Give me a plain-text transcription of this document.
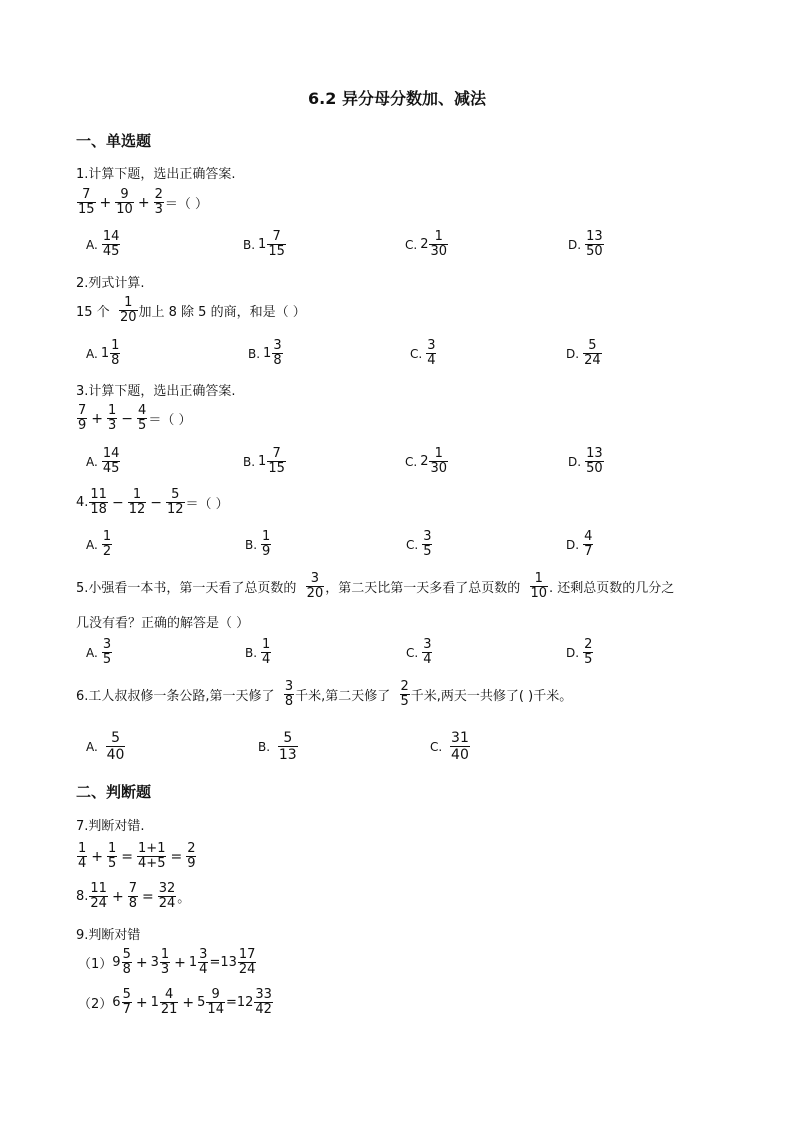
6.2 异分母分数加、减法
一、单选题
1.计算下题，选出正确答案.
$\frac{7}{15} + \frac{9}{10} + \frac{2}{3}$ ＝（ ）
A. $\frac{14}{45}$	B. $1 \frac{7}{15}$	C. $2 \frac{1}{30}$	D. $\frac{13}{50}$
2.列式计算.
15 个 $\frac{1}{20}$ 加上 8 除 5 的商，和是（ ）
A. $1 \frac{1}{8}$	B. $1 \frac{3}{8}$	C. $\frac{3}{4}$	D. $\frac{5}{24}$
3.计算下题，选出正确答案.
$\frac{7}{9} + \frac{1}{3} - \frac{4}{5}$ ＝（ ）
A. $\frac{14}{45}$	B. $1 \frac{7}{15}$	C. $2 \frac{1}{30}$	D. $\frac{13}{50}$
4. $\frac{11}{18} - \frac{1}{12} - \frac{5}{12}$ ＝（ ）
A. $\frac{1}{2}$	B. $\frac{1}{9}$	C. $\frac{3}{5}$	D. $\frac{4}{7}$
5.小强看一本书，第一天看了总页数的 $\frac{3}{20}$ ，第二天比第一天多看了总页数的 $\frac{1}{10}$ . 还剩总页数的几分之
几没有看？正确的解答是（ ）
A. $\frac{3}{5}$	B. $\frac{1}{4}$	C. $\frac{3}{4}$	D. $\frac{2}{5}$
6.工人叔叔修一条公路,第一天修了 $\frac{3}{8}$ 千米,第二天修了 $\frac{2}{5}$ 千米,两天一共修了( )千米。
A. $\frac{5}{40}$	B. $\frac{5}{13}$	C. $\frac{31}{40}$
二、判断题
7.判断对错.
$\frac{1}{4} + \frac{1}{5} = \frac{1+1}{4+5} = \frac{2}{9}$
8. $\frac{11}{24} + \frac{7}{8} = \frac{32}{24}$ 。
9.判断对错
$(1)9 \frac{5}{8} + 3 \frac{1}{3} + 1 \frac{3}{4} =13 \frac{17}{24}$
$(2)6 \frac{5}{7} + 1 \frac{4}{21} + 5 \frac{9}{14} =12 \frac{33}{42}$
